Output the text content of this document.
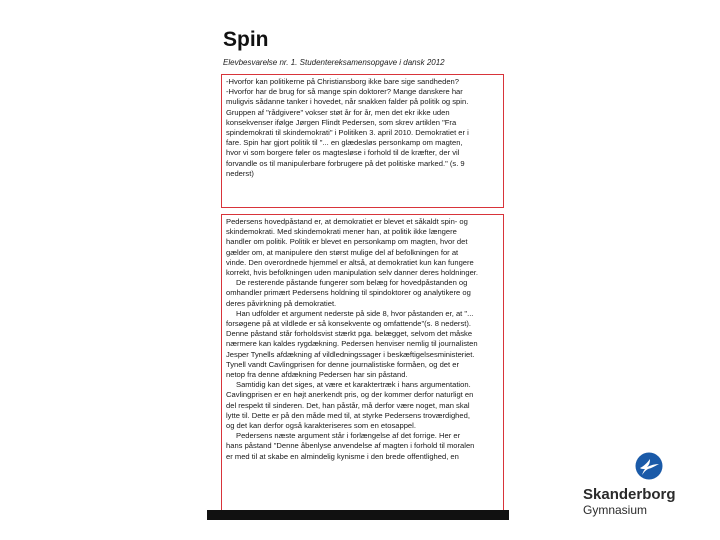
Spin
Elevbesvarelse nr. 1. Studentereksamensopgave i dansk 2012
-Hvorfor kan politikerne på Christiansborg ikke bare sige sandheden?
-Hvorfor har de brug for så mange spin doktorer? Mange danskere har
muligvis sådanne tanker i hovedet, når snakken falder på politik og spin.
Gruppen af "rådgivere" vokser støt år for år, men det ekr ikke uden
konsekvenser ifølge Jørgen Flindt Pedersen, som skrev artiklen "Fra
spindemokrati til skindemokrati" i Politiken 3. april 2010. Demokratiet er i
fare. Spin har gjort politik til "... en glædesløs personkamp om magten,
hvor vi som borgere føler os magtesløse i forhold til de kræfter, der vil
forvandle os til manipulerbare forbrugere på det politiske marked." (s. 9
nederst)
Pedersens hovedpåstand er, at demokratiet er blevet et såkaldt spin- og
skindemokrati. Med skindemokrati mener han, at politik ikke længere
handler om politik. Politik er blevet en personkamp om magten, hvor det
gælder om, at manipulere den størst mulige del af befolkningen for at
vinde. Den overordnede hjemmel er altså, at demokratiet kun kan fungere
korrekt, hvis befolkningen uden manipulation selv danner deres holdninger.
De resterende påstande fungerer som belæg for hovedpåstanden og
omhandler primært Pedersens holdning til spindoktorer og analytikere og
deres påvirkning på demokratiet.
Han udfolder et argument nederste på side 8, hvor påstanden er, at "...
forsøgene på at vildlede er så konsekvente og omfattende"(s. 8 nederst).
Denne påstand står forholdsvist stærkt pga. belægget, selvom det måske
nærmere kan kaldes rygdækning. Pedersen henviser nemlig til journalisten
Jesper Tynells afdækning af vildledningssager i beskæftigelsesministeriet.
Tynell vandt Cavlingprisen for denne journalistiske formåen, og det er
netop fra denne afdækning Pedersen har sin påstand.
Samtidig kan det siges, at være et karaktertræk i hans argumentation.
Cavlingprisen er en højt anerkendt pris, og der kommer derfor naturligt en
del respekt til sinderen. Det, han påstår, må derfor være noget, man skal
lytte til. Dette er på den måde med til, at styrke Pedersens troværdighed,
og det kan derfor også karakteriseres som en etosappel.
Pedersens næste argument står i forlængelse af det forrige. Her er
hans påstand "Denne åbenlyse anvendelse af magten i forhold til moralen
er med til at skabe en almindelig kynisme i den brede offentlighed, en
Skanderborg
Gymnasium
